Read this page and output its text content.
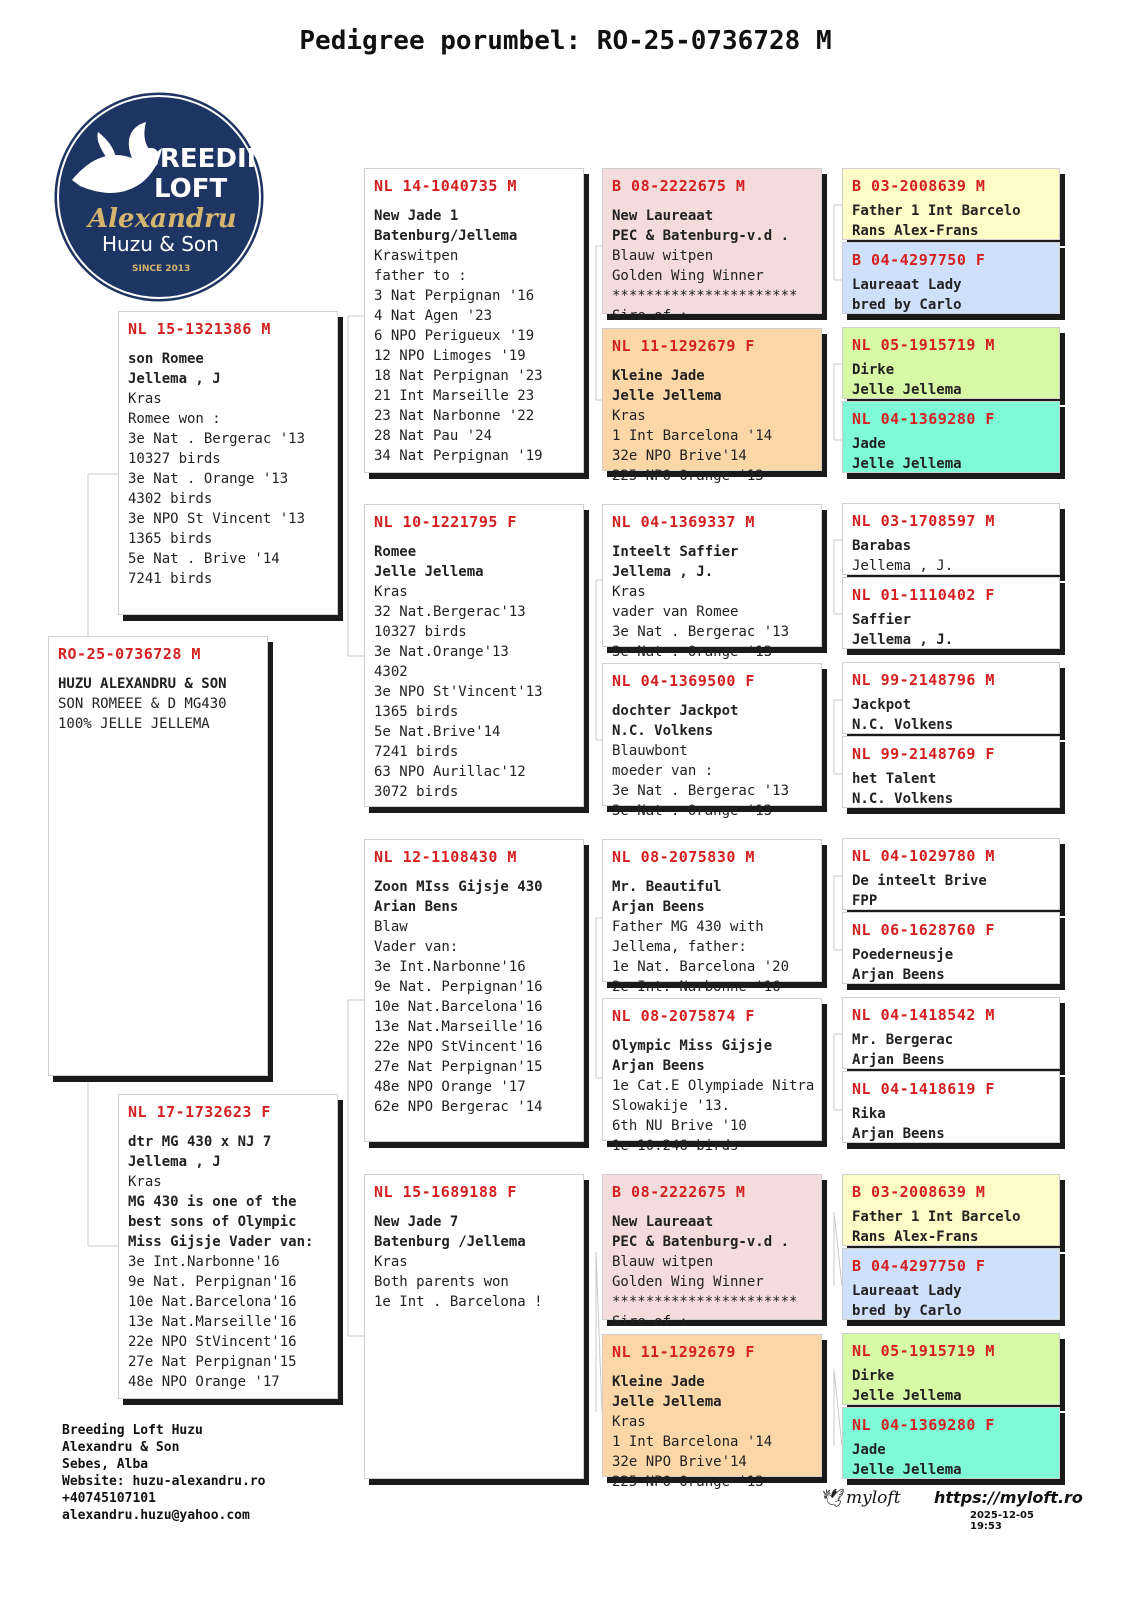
Pedigree porumbel: RO-25-0736728 M
BREEDING
LOFT
Alexandru
Huzu & Son
SINCE 2013
RO-25-0736728 M
HUZU ALEXANDRU & SON
SON ROMEEE & D MG430
100% JELLE JELLEMA
NL 15-1321386 M
son Romee
Jellema , J
Kras
Romee won :
3e Nat . Bergerac '13
10327 birds
3e Nat . Orange '13
4302 birds
3e NPO St Vincent '13
1365 birds
5e Nat . Brive '14
7241 birds
NL 17-1732623 F
dtr MG 430 x NJ 7
Jellema , J
Kras
MG 430 is one of the
best sons of Olympic
Miss Gijsje Vader van:
3e Int.Narbonne'16
9e Nat. Perpignan'16
10e Nat.Barcelona'16
13e Nat.Marseille'16
22e NPO StVincent'16
27e Nat Perpignan'15
48e NPO Orange '17
NL 14-1040735 M
New Jade 1
Batenburg/Jellema
Kraswitpen
father to :
3 Nat Perpignan '16
4 Nat Agen '23
6 NPO Perigueux '19
12 NPO Limoges '19
18 Nat Perpignan '23
21 Int Marseille 23
23 Nat Narbonne '22
28 Nat Pau '24
34 Nat Perpignan '19
NL 10-1221795 F
Romee
Jelle Jellema
Kras
32 Nat.Bergerac'13
10327 birds
3e Nat.Orange'13
4302
3e NPO St'Vincent'13
1365 birds
5e Nat.Brive'14
7241 birds
63 NPO Aurillac'12
3072 birds
NL 12-1108430 M
Zoon MIss Gijsje 430
Arian Bens
Blaw
Vader van:
3e Int.Narbonne'16
9e Nat. Perpignan'16
10e Nat.Barcelona'16
13e Nat.Marseille'16
22e NPO StVincent'16
27e Nat Perpignan'15
48e NPO Orange '17
62e NPO Bergerac '14
NL 15-1689188 F
New Jade 7
Batenburg /Jellema
Kras
Both parents won
1e Int . Barcelona !
B 08-2222675 M
New Laureaat
PEC & Batenburg-v.d .
Blauw witpen
Golden Wing Winner
**********************
Sire of :
NL 11-1292679 F
Kleine Jade
Jelle Jellema
Kras
1 Int Barcelona '14
32e NPO Brive'14
225 NPO Orange '13
NL 04-1369337 M
Inteelt Saffier
Jellema , J.
Kras
vader van Romee
3e Nat . Bergerac '13
3e Nat . Orange '13
NL 04-1369500 F
dochter Jackpot
N.C. Volkens
Blauwbont
moeder van :
3e Nat . Bergerac '13
3e Nat . Orange '13
NL 08-2075830 M
Mr. Beautiful
Arjan Beens
Father MG 430 with
Jellema, father:
1e Nat. Barcelona '20
2e Int. Narbonne '16
NL 08-2075874 F
Olympic Miss Gijsje
Arjan Beens
1e Cat.E Olympiade Nitra
Slowakije '13.
6th NU Brive '10
1e 10.246 birds
B 08-2222675 M
New Laureaat
PEC & Batenburg-v.d .
Blauw witpen
Golden Wing Winner
**********************
Sire of :
NL 11-1292679 F
Kleine Jade
Jelle Jellema
Kras
1 Int Barcelona '14
32e NPO Brive'14
225 NPO Orange '13
B 03-2008639 M
Father 1 Int Barcelo
Rans Alex-Frans
B 04-4297750 F
Laureaat Lady
bred by Carlo
NL 05-1915719 M
Dirke
Jelle Jellema
NL 04-1369280 F
Jade
Jelle Jellema
NL 03-1708597 M
Barabas
Jellema , J.
NL 01-1110402 F
Saffier
Jellema , J.
NL 99-2148796 M
Jackpot
N.C. Volkens
NL 99-2148769 F
het Talent
N.C. Volkens
NL 04-1029780 M
De inteelt Brive
FPP
NL 06-1628760 F
Poederneusje
Arjan Beens
NL 04-1418542 M
Mr. Bergerac
Arjan Beens
NL 04-1418619 F
Rika
Arjan Beens
B 03-2008639 M
Father 1 Int Barcelo
Rans Alex-Frans
B 04-4297750 F
Laureaat Lady
bred by Carlo
NL 05-1915719 M
Dirke
Jelle Jellema
NL 04-1369280 F
Jade
Jelle Jellema
Breeding Loft Huzu
Alexandru & Son
Sebes, Alba
Website: huzu-alexandru.ro
+40745107101
alexandru.huzu@yahoo.com
🕊 myloft https://myloft.ro
2025-12-05 19:53
